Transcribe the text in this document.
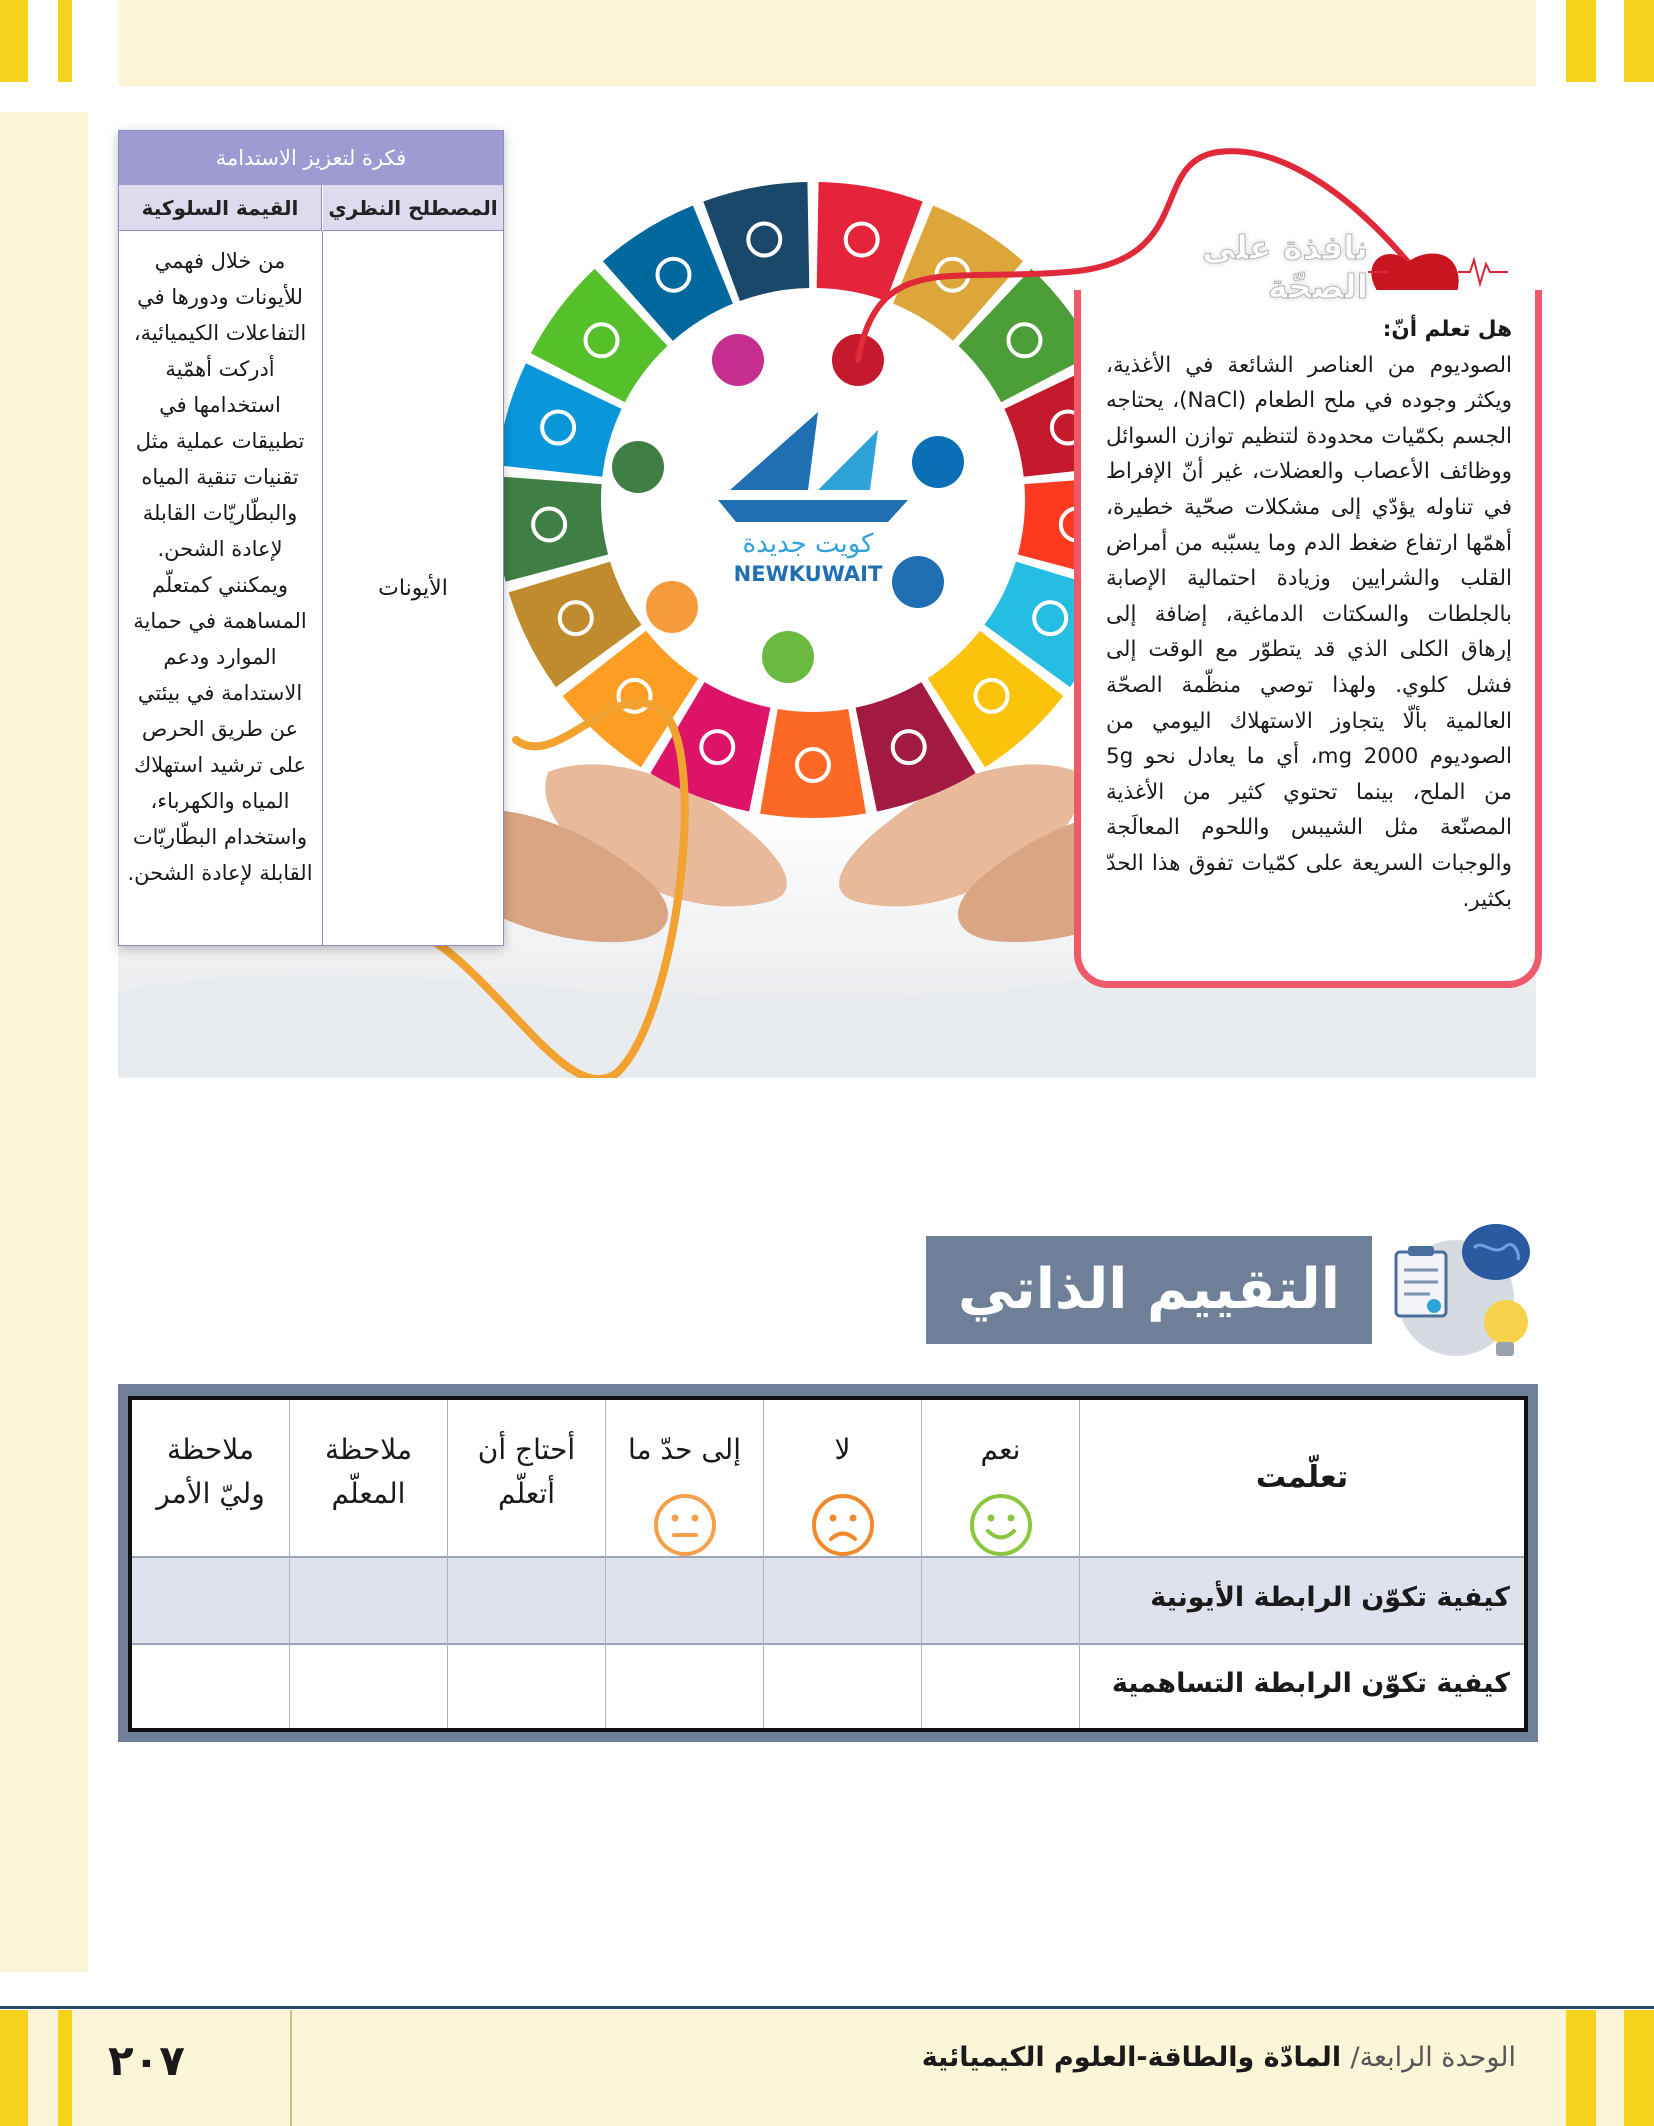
كويت جديدة
NEWKUWAIT
فكرة لتعزيز الاستدامة
المصطلح النظري
القيمة السلوكية
الأيونات
من خلال فهمي للأيونات ودورها في التفاعلات الكيميائية، أدركت أهمّية استخدامها في تطبيقات عملية مثل تقنيات تنقية المياه والبطّاريّات القابلة لإعادة الشحن. ويمكنني كمتعلّم المساهمة في حماية الموارد ودعم الاستدامة في بيئتي عن طريق الحرص على ترشيد استهلاك المياه والكهرباء، واستخدام البطّاريّات القابلة لإعادة الشحن.
نافذة على الصحّة
هل تعلم أنّ:
الصوديوم من العناصر الشائعة في الأغذية، ويكثر وجوده في ملح الطعام (NaCl)، يحتاجه الجسم بكمّيات محدودة لتنظيم توازن السوائل ووظائف الأعصاب والعضلات، غير أنّ الإفراط في تناوله يؤدّي إلى مشكلات صحّية خطيرة، أهمّها ارتفاع ضغط الدم وما يسبّبه من أمراض القلب والشرايين وزيادة احتمالية الإصابة بالجلطات والسكتات الدماغية، إضافة إلى إرهاق الكلى الذي قد يتطوّر مع الوقت إلى فشل كلوي. ولهذا توصي منظّمة الصحّة العالمية بألّا يتجاوز الاستهلاك اليومي من الصوديوم 2000 mg، أي ما يعادل نحو 5g من الملح، بينما تحتوي كثير من الأغذية المصنّعة مثل الشيبس واللحوم المعالَجة والوجبات السريعة على كمّيات تفوق هذا الحدّ بكثير.
التقييم الذاتي
تعلّمت
نعم
لا
إلى حدّ ما
أحتاج أن أتعلّم
ملاحظة المعلّم
ملاحظة وليّ الأمر
كيفية تكوّن الرابطة الأيونية
كيفية تكوّن الرابطة التساهمية
٢٠٧	الوحدة الرابعة/ المادّة والطاقة-العلوم الكيميائية
